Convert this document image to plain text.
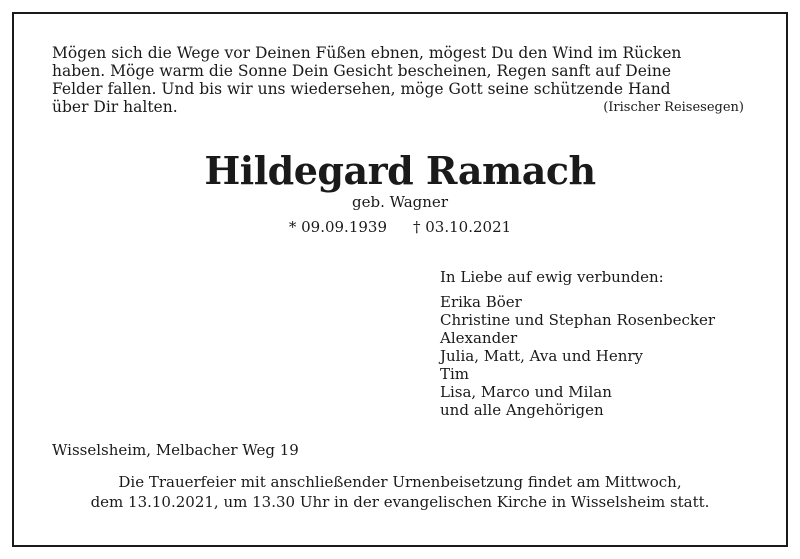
Mögen sich die Wege vor Deinen Füßen ebnen, mögest Du den Wind im Rücken
haben. Möge warm die Sonne Dein Gesicht bescheinen, Regen sanft auf Deine
Felder fallen. Und bis wir uns wiedersehen, möge Gott seine schützende Hand
über Dir halten.	(Irischer Reisesegen)
Hildegard Ramach
geb. Wagner
* 09.09.1939 † 03.10.2021
In Liebe auf ewig verbunden:
Erika Böer
Christine und Stephan Rosenbecker
Alexander
Julia, Matt, Ava und Henry
Tim
Lisa, Marco und Milan
und alle Angehörigen
Wisselsheim, Melbacher Weg 19
Die Trauerfeier mit anschließender Urnenbeisetzung findet am Mittwoch,
dem 13.10.2021, um 13.30 Uhr in der evangelischen Kirche in Wisselsheim statt.
